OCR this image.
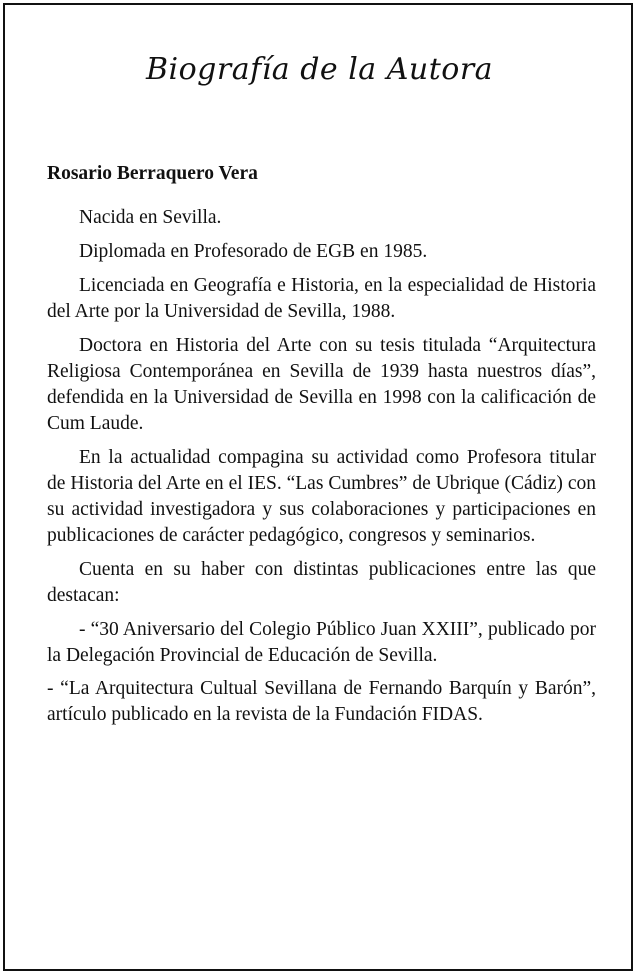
Biografía de la Autora

Rosario Berraquero Vera

Nacida en Sevilla.

Diplomada en Profesorado de EGB en 1985.

Licenciada en Geografía e Historia, en la especialidad de Historia del Arte por la Universidad de Sevilla, 1988.

Doctora en Historia del Arte con su tesis titulada “Arquitectura Religiosa Contemporánea en Sevilla de 1939 hasta nuestros días”, defendida en la Universidad de Sevilla en 1998 con la calificación de Cum Laude.

En la actualidad compagina su actividad como Profesora titular de Historia del Arte en el IES. “Las Cumbres” de Ubrique (Cádiz) con su actividad investigadora y sus colaboraciones y participaciones en publicaciones de carácter pedagógico, congresos y seminarios.

Cuenta en su haber con distintas publicaciones entre las que destacan:

- “30 Aniversario del Colegio Público Juan XXIII”, publicado por la Delegación Provincial de Educación de Sevilla.

- “La Arquitectura Cultual Sevillana de Fernando Barquín y Barón”, artículo publicado en la revista de la Fundación FIDAS.
